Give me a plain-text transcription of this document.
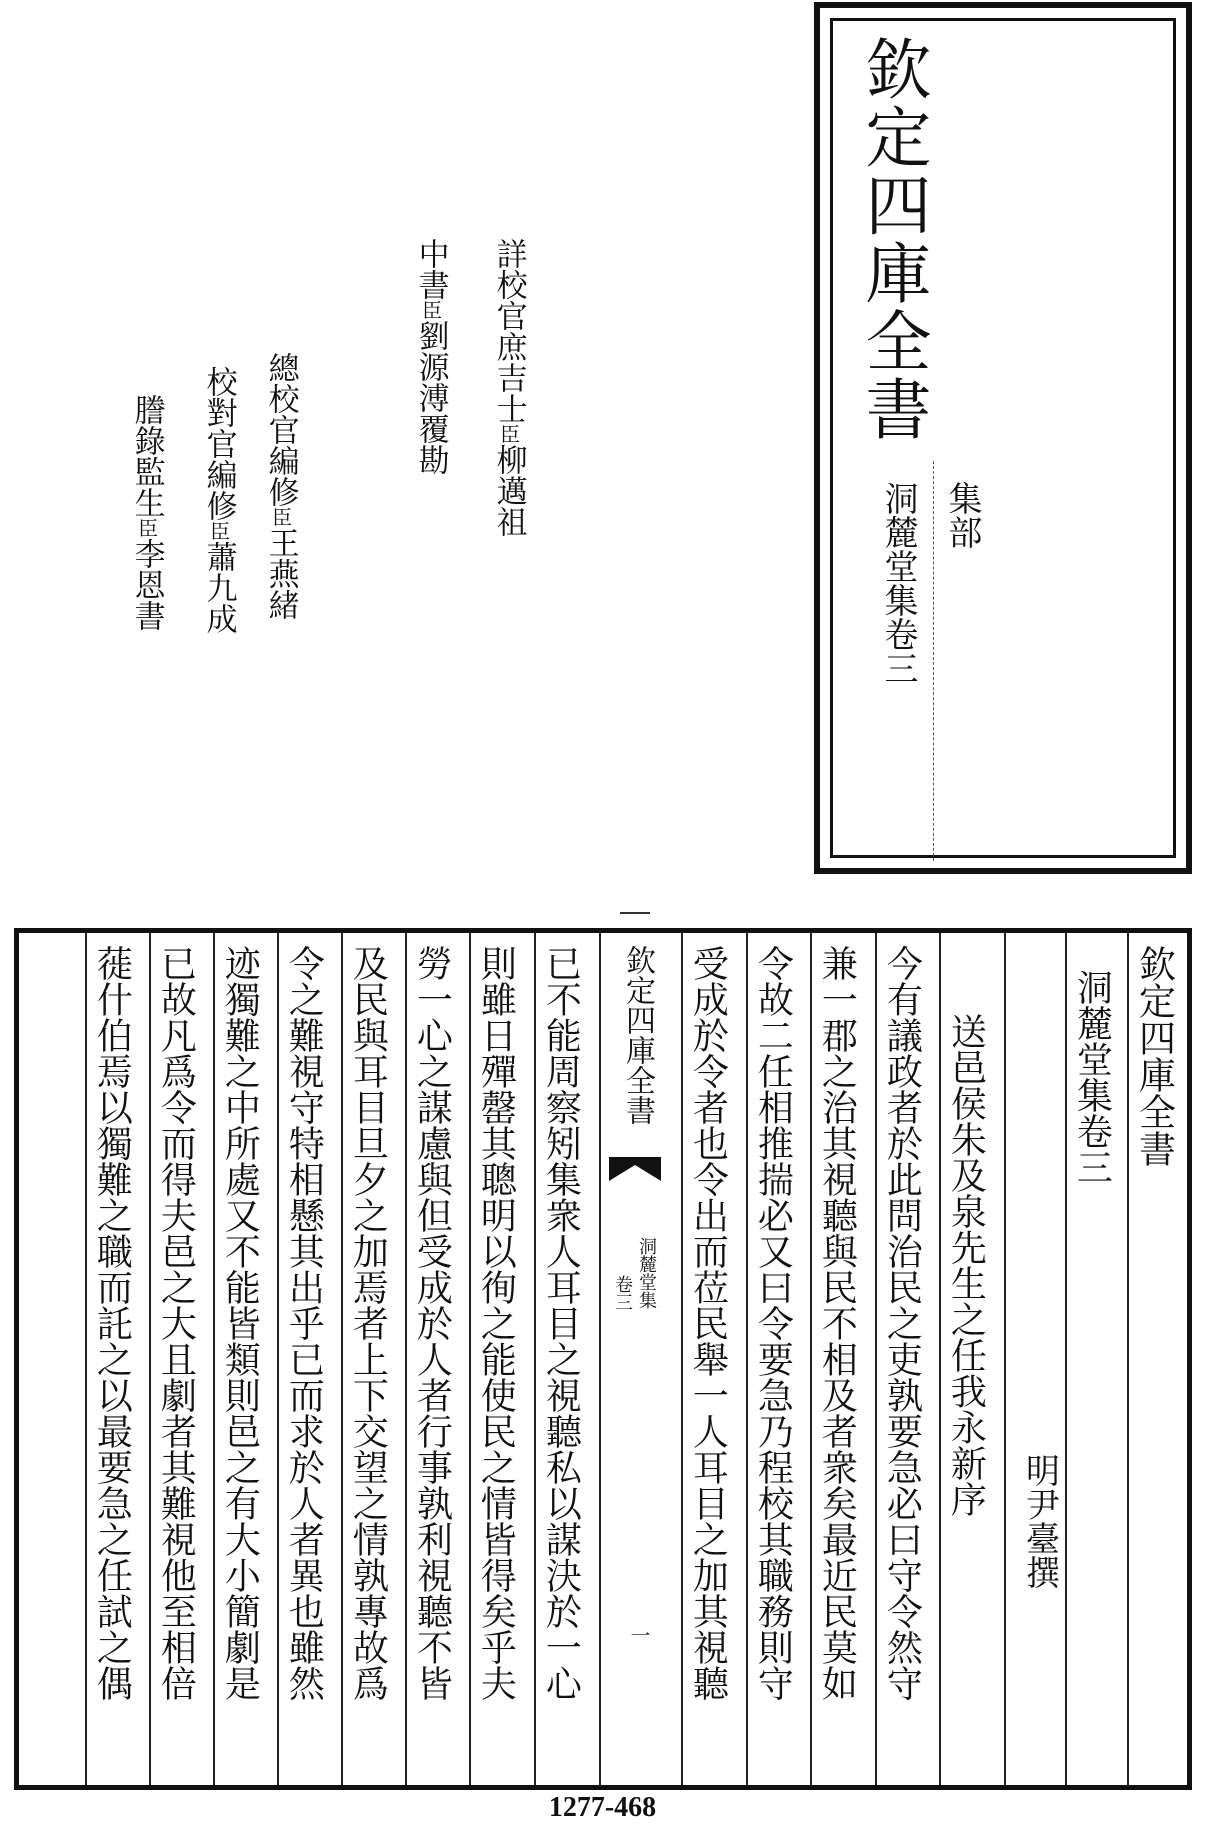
欽定四庫全書
集部
洞麓堂集卷三
詳校官庶吉士臣柳邁祖
中書臣劉源溥覆勘
總校官編修臣王燕緒
校對官編修臣蕭九成
謄錄監生臣李恩書
欽定四庫全書
洞麓堂集卷三
明尹臺撰
送邑侯朱及泉先生之任我永新序
今有議政者於此問治民之吏孰要急必曰守令然守
兼一郡之治其視聽與民不相及者衆矣最近民莫如
令故二任相推揣必又曰令要急乃程校其職務則守
受成於令者也令出而莅民舉一人耳目之加其視聽
欽定四庫全書
洞麓堂集
卷三
一
已不能周察矧集衆人耳目之視聽私以謀決於一心
則雖日殫罄其聰明以徇之能使民之情皆得矣乎夫
勞一心之謀慮與但受成於人者行事孰利視聽不皆
及民與耳目旦夕之加焉者上下交望之情孰專故爲
令之難視守特相懸其出乎已而求於人者異也雖然
迹獨難之中所處又不能皆類則邑之有大小簡劇是
已故凡爲令而得夫邑之大且劇者其難視他至相倍
蓰什伯焉以獨難之職而託之以最要急之任試之偶
1277-468
